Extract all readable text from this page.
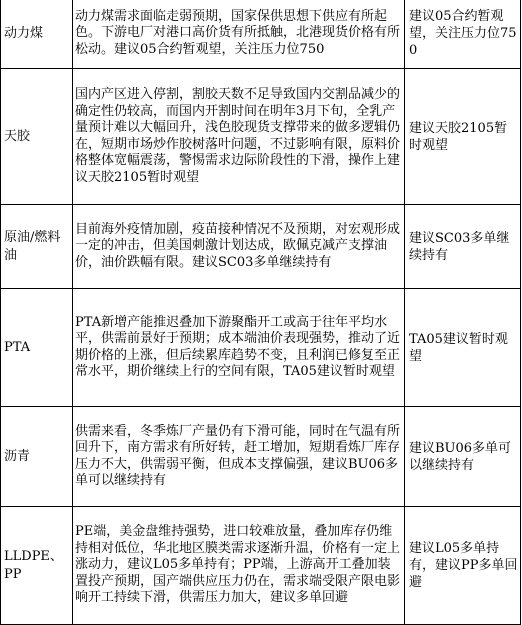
动力煤	动力煤需求面临走弱预期，国家保供思想下供应有所起色。下游电厂对港口高价货有所抵触，北港现货价格有所松动。建议05合约暂观望，关注压力位750	建议05合约暂观望，关注压力位750
天胶	国内产区进入停割，割胶天数不足导致国内交割品减少的确定性仍较高，而国内开割时间在明年3月下旬，全乳产量预计难以大幅回升，浅色胶现货支撑带来的做多逻辑仍在，短期市场炒作胶树落叶问题，不过影响有限，原料价格整体宽幅震荡，警惕需求边际阶段性的下滑，操作上建议天胶2105暂时观望	建议天胶2105暂时观望
原油/燃料油	目前海外疫情加剧，疫苗接种情况不及预期，对宏观形成一定的冲击，但美国刺激计划达成，欧佩克减产支撑油价，油价跌幅有限。建议SC03多单继续持有	建议SC03多单继续持有
PTA	PTA新增产能推迟叠加下游聚酯开工或高于往年平均水平，供需前景好于预期；成本端油价表现强势，推动了近期价格的上涨，但后续累库趋势不变，且利润已修复至正常水平，期价继续上行的空间有限，TA05建议暂时观望	TA05建议暂时观望
沥青	供需来看，冬季炼厂产量仍有下滑可能，同时在气温有所回升下，南方需求有所好转，赶工增加，短期看炼厂库存压力不大，供需弱平衡，但成本支撑偏强，建议BU06多单可以继续持有	建议BU06多单可以继续持有
LLDPE、PP	PE端，美金盘维持强势，进口较难放量，叠加库存仍维持相对低位，华北地区膜类需求逐渐升温，价格有一定上涨动力，建议L05多单持有；PP端，上游高开工叠加装置投产预期，国产端供应压力仍在，需求端受限产限电影响开工持续下滑，供需压力加大，建议多单回避	建议L05多单持有，建议PP多单回避
